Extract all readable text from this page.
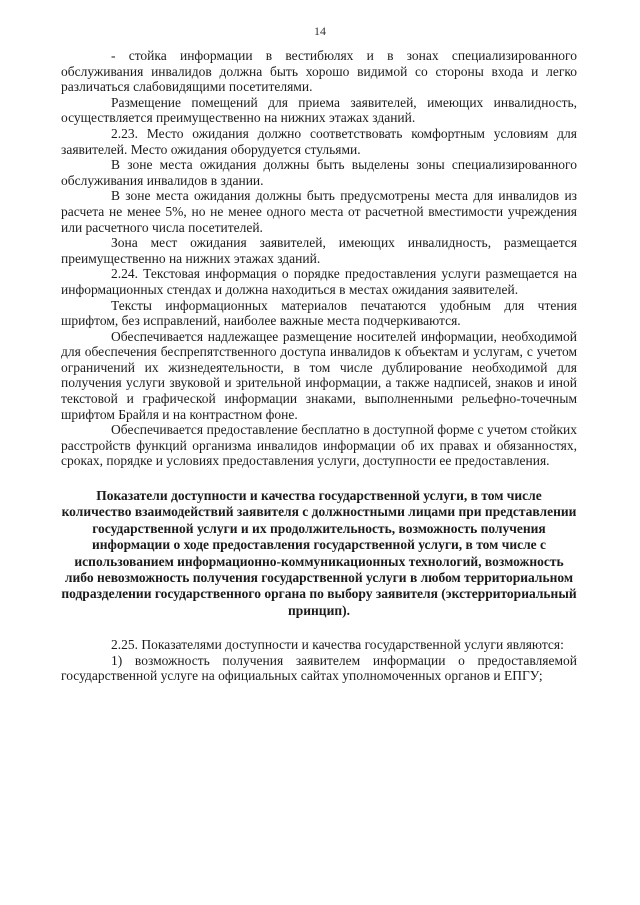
14

- стойка информации в вестибюлях и в зонах специализированного обслуживания инвалидов должна быть хорошо видимой со стороны входа и легко различаться слабовидящими посетителями.

Размещение помещений для приема заявителей, имеющих инвалидность, осуществляется преимущественно на нижних этажах зданий.

2.23. Место ожидания должно соответствовать комфортным условиям для заявителей. Место ожидания оборудуется стульями.

В зоне места ожидания должны быть выделены зоны специализированного обслуживания инвалидов в здании.

В зоне места ожидания должны быть предусмотрены места для инвалидов из расчета не менее 5%, но не менее одного места от расчетной вместимости учреждения или расчетного числа посетителей.

Зона мест ожидания заявителей, имеющих инвалидность, размещается преимущественно на нижних этажах зданий.

2.24. Текстовая информация о порядке предоставления услуги размещается на информационных стендах и должна находиться в местах ожидания заявителей.

Тексты информационных материалов печатаются удобным для чтения шрифтом, без исправлений, наиболее важные места подчеркиваются.

Обеспечивается надлежащее размещение носителей информации, необходимой для обеспечения беспрепятственного доступа инвалидов к объектам и услугам, с учетом ограничений их жизнедеятельности, в том числе дублирование необходимой для получения услуги звуковой и зрительной информации, а также надписей, знаков и иной текстовой и графической информации знаками, выполненными рельефно-точечным шрифтом Брайля и на контрастном фоне.

Обеспечивается предоставление бесплатно в доступной форме с учетом стойких расстройств функций организма инвалидов информации об их правах и обязанностях, сроках, порядке и условиях предоставления услуги, доступности ее предоставления.

Показатели доступности и качества государственной услуги, в том числе количество взаимодействий заявителя с должностными лицами при представлении государственной услуги и их продолжительность, возможность получения информации о ходе предоставления государственной услуги, в том числе с использованием информационно-коммуникационных технологий, возможность либо невозможность получения государственной услуги в любом территориальном подразделении государственного органа по выбору заявителя (экстерриториальный принцип).

2.25. Показателями доступности и качества государственной услуги являются:

1) возможность получения заявителем информации о предоставляемой государственной услуге на официальных сайтах уполномоченных органов и ЕПГУ;
